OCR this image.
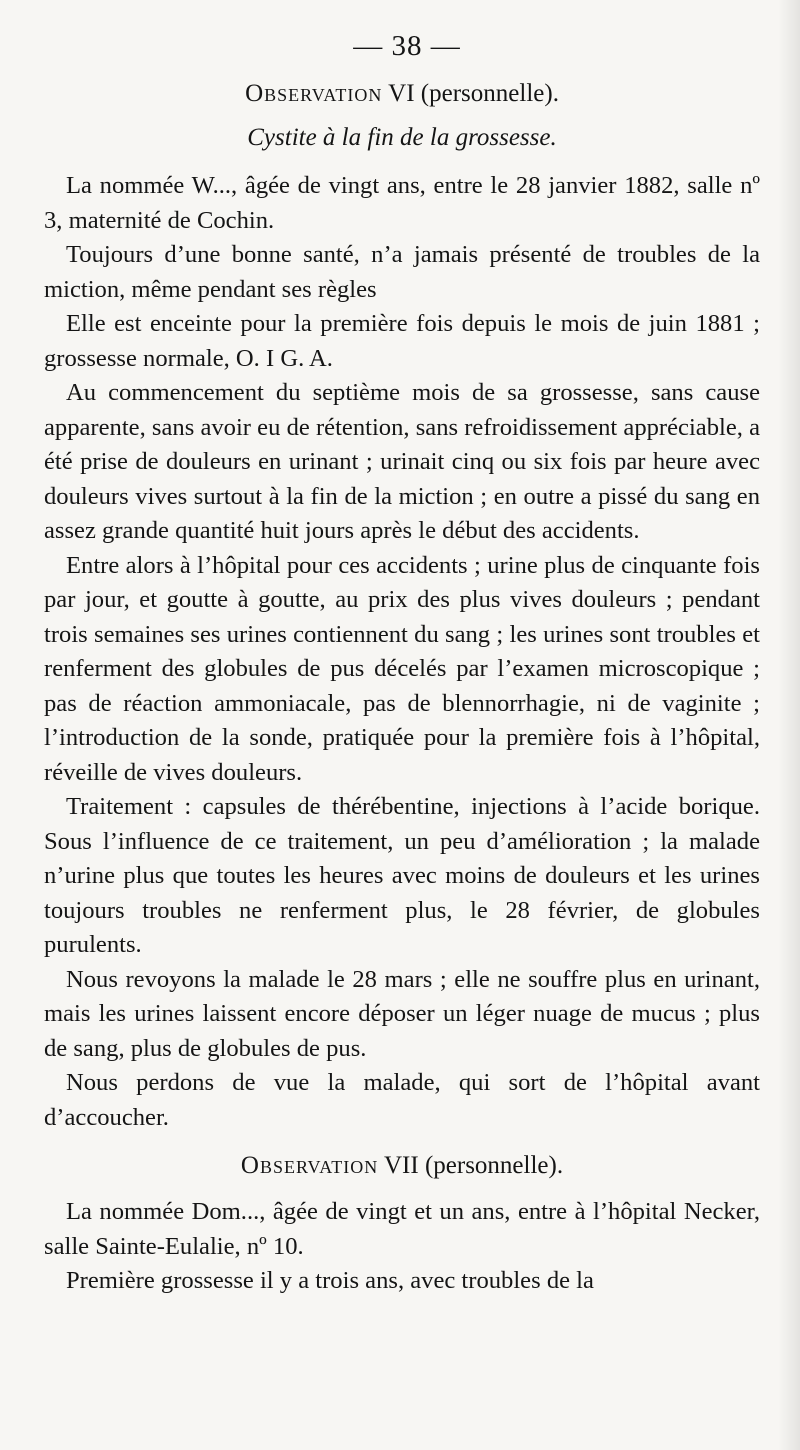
— 38 —
Observation VI (personnelle).
Cystite à la fin de la grossesse.

La nommée W..., âgée de vingt ans, entre le 28 janvier 1882, salle nº 3, maternité de Cochin.

Toujours d’une bonne santé, n’a jamais présenté de troubles de la miction, même pendant ses règles

Elle est enceinte pour la première fois depuis le mois de juin 1881 ; grossesse normale, O. I G. A.

Au commencement du septième mois de sa grossesse, sans cause apparente, sans avoir eu de rétention, sans refroidissement appréciable, a été prise de douleurs en urinant ; urinait cinq ou six fois par heure avec douleurs vives surtout à la fin de la miction ; en outre a pissé du sang en assez grande quantité huit jours après le début des accidents.

Entre alors à l’hôpital pour ces accidents ; urine plus de cinquante fois par jour, et goutte à goutte, au prix des plus vives douleurs ; pendant trois semaines ses urines contiennent du sang ; les urines sont troubles et renferment des globules de pus décelés par l’examen microscopique ; pas de réaction ammoniacale, pas de blennorrhagie, ni de vaginite ; l’introduction de la sonde, pratiquée pour la première fois à l’hôpital, réveille de vives douleurs.

Traitement : capsules de thérébentine, injections à l’acide borique. Sous l’influence de ce traitement, un peu d’amélioration ; la malade n’urine plus que toutes les heures avec moins de douleurs et les urines toujours troubles ne renferment plus, le 28 février, de globules purulents.

Nous revoyons la malade le 28 mars ; elle ne souffre plus en urinant, mais les urines laissent encore déposer un léger nuage de mucus ; plus de sang, plus de globules de pus.

Nous perdons de vue la malade, qui sort de l’hôpital avant d’accoucher.

Observation VII (personnelle).

La nommée Dom..., âgée de vingt et un ans, entre à l’hôpital Necker, salle Sainte-Eulalie, nº 10.

Première grossesse il y a trois ans, avec troubles de la
